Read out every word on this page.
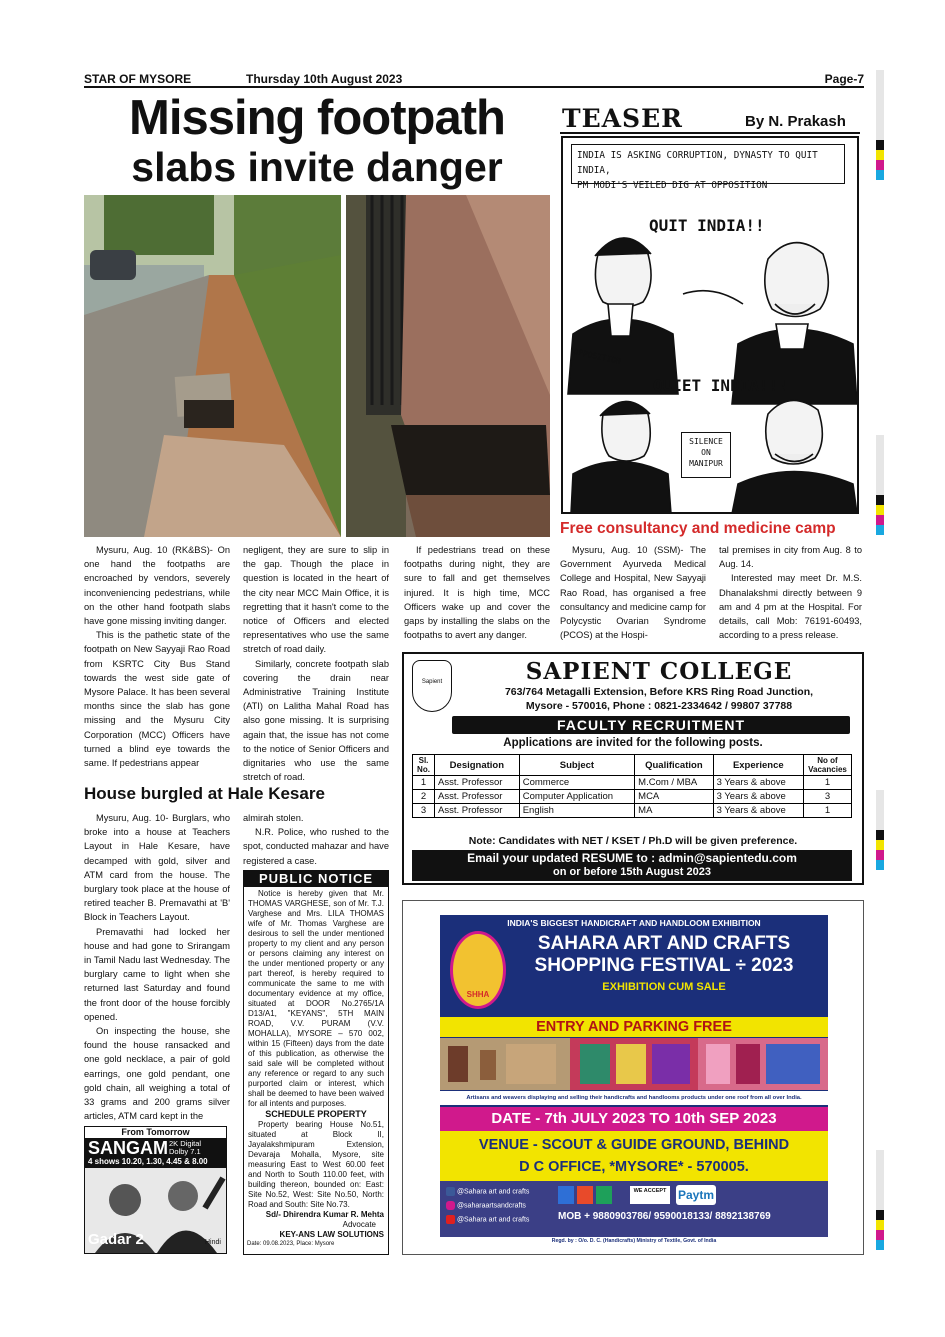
STAR OF MYSORE	Thursday 10th August 2023	Page-7
Missing footpath
slabs invite danger

Mysuru, Aug. 10 (RK&BS)- On one hand the footpaths are encroached by vendors, severely inconveniencing pedestrians, while on the other hand footpath slabs have gone missing inviting danger.

This is the pathetic state of the footpath on New Sayyaji Rao Road from KSRTC City Bus Stand towards the west side gate of Mysore Palace. It has been several months since the slab has gone missing and the Mysuru City Corporation (MCC) Officers have turned a blind eye towards the same. If pedestrians appear

negligent, they are sure to slip in the gap. Though the place in question is located in the heart of the city near MCC Main Office, it is regretting that it hasn't come to the notice of Officers and elected representatives who use the same stretch of road daily.

Similarly, concrete footpath slab covering the drain near Administrative Training Institute (ATI) on Lalitha Mahal Road has also gone missing. It is surprising again that, the issue has not come to the notice of Senior Officers and dignitaries who use the same stretch of road.

If pedestrians tread on these footpaths during night, they are sure to fall and get themselves injured. It is high time, MCC Officers wake up and cover the gaps by installing the slabs on the footpaths to avert any danger.

TEASER	By N. Prakash
INDIA IS ASKING CORRUPTION, DYNASTY TO QUIT INDIA,
PM MODI'S VEILED DIG AT OPPOSITION
QUIT INDIA!!
QUIET INDIA!!!
OPPOSITION
SILENCE ON MANIPUR
Free consultancy and medicine camp

Mysuru, Aug. 10 (SSM)- The Government Ayurveda Medical College and Hospital, New Sayyaji Rao Road, has organised a free consultancy and medicine camp for Polycystic Ovarian Syndrome (PCOS) at the Hospi-

tal premises in city from Aug. 8 to Aug. 14.

Interested may meet Dr. M.S. Dhanalakshmi directly between 9 am and 4 pm at the Hospital. For details, call Mob: 76191-60493, according to a press release.

House burgled at Hale Kesare

Mysuru, Aug. 10- Burglars, who broke into a house at Teachers Layout in Hale Kesare, have decamped with gold, silver and ATM card from the house. The burglary took place at the house of retired teacher B. Premavathi at 'B' Block in Teachers Layout.

Premavathi had locked her house and had gone to Srirangam in Tamil Nadu last Wednesday. The burglary came to light when she returned last Saturday and found the front door of the house forcibly opened.

On inspecting the house, she found the house ransacked and one gold necklace, a pair of gold earrings, one gold pendant, one gold chain, all weighing a total of 33 grams and 200 grams silver articles, ATM card kept in the

almirah stolen.

N.R. Police, who rushed to the spot, conducted mahazar and have registered a case.

PUBLIC NOTICE
Notice is hereby given that Mr. THOMAS VARGHESE, son of Mr. T.J. Varghese and Mrs. LILA THOMAS wife of Mr. Thomas Varghese are desirous to sell the under mentioned property to my client and any person or persons claiming any interest on the under mentioned property or any part thereof, is hereby required to communicate the same to me with documentary evidence at my office, situated at DOOR No.2765/1A D13/A1, "KEYANS", 5TH MAIN ROAD, V.V. PURAM (V.V. MOHALLA), MYSORE – 570 002, within 15 (Fifteen) days from the date of this publication, as otherwise the said sale will be completed without any reference or regard to any such purported claim or interest, which shall be deemed to have been waived for all intents and purposes.
SCHEDULE PROPERTY
Property bearing House No.51, situated at Block II, Jayalakshmipuram Extension, Devaraja Mohalla, Mysore, site measuring East to West 60.00 feet and North to South 110.00 feet, with building thereon, bounded on: East: Site No.52, West: Site No.50, North: Road and South: Site No.73.
Sd/- Dhirendra Kumar R. Mehta
Advocate
KEY-ANS LAW SOLUTIONS
Date: 09.08.2023, Place: Mysore
From Tomorrow
SANGAM 2K Digital
Dolby 7.1
4 shows 10.20, 1.30, 4.45 & 8.00
Gadar 2	Hindi
Sapient	SAPIENT COLLEGE
763/764 Metagalli Extension, Before KRS Ring Road Junction,
Mysore - 570016, Phone : 0821-2334642 / 99807 37788
FACULTY RECRUITMENT
Applications are invited for the following posts.
Sl. No.	Designation	Subject	Qualification	Experience	No of Vacancies
1	Asst. Professor	Commerce	M.Com / MBA	3 Years & above	1
2	Asst. Professor	Computer Application	MCA	3 Years & above	3
3	Asst. Professor	English	MA	3 Years & above	1
Note: Candidates with NET / KSET / Ph.D will be given preference.
Email your updated RESUME to : admin@sapientedu.com
on or before 15th August 2023
INDIA'S BIGGEST HANDICRAFT AND HANDLOOM EXHIBITION
SHHA
SAHARA ART AND CRAFTS
SHOPPING FESTIVAL ÷ 2023
EXHIBITION CUM SALE
ENTRY AND PARKING FREE
Artisans and weavers displaying and selling their handicrafts and handlooms products under one roof from all over India.
DATE - 7th JULY 2023 TO 10th SEP 2023
VENUE - SCOUT & GUIDE GROUND, BEHIND
D C OFFICE, *MYSORE* - 570005.
@Sahara art and crafts
@saharaartsandcrafts
@Sahara art and crafts
WE ACCEPT Paytm
MOB + 9880903786/ 9590018133/ 8892138769
Regd. by : O/o. D. C. (Handicrafts) Ministry of Textile, Govt. of India
